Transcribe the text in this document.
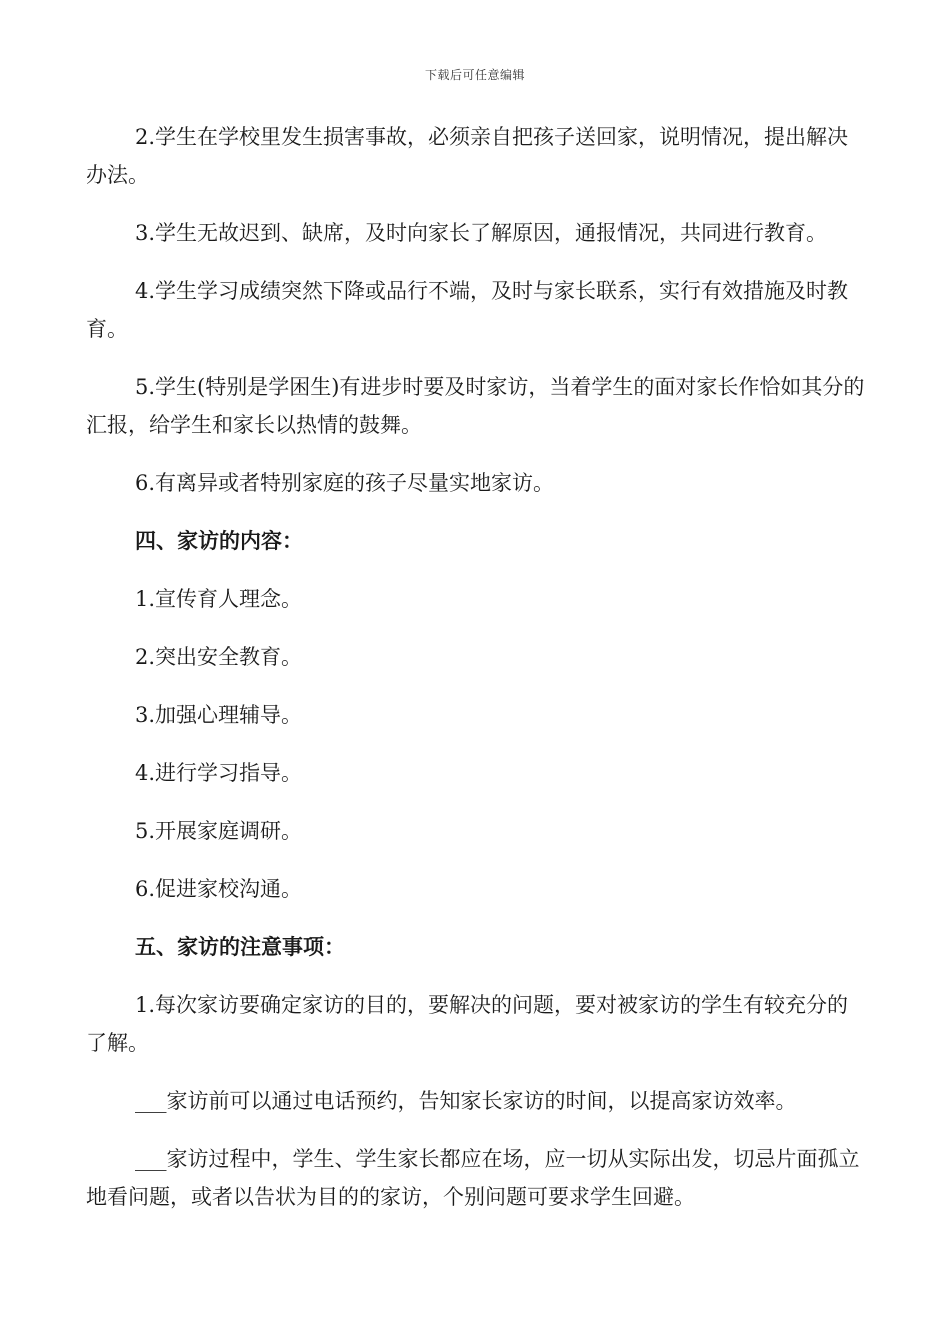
下载后可任意编辑

2.学生在学校里发生损害事故，必须亲自把孩子送回家，说明情况，提出解决办法。

3.学生无故迟到、缺席，及时向家长了解原因，通报情况，共同进行教育。

4.学生学习成绩突然下降或品行不端，及时与家长联系，实行有效措施及时教育。

5.学生(特别是学困生)有进步时要及时家访，当着学生的面对家长作恰如其分的汇报，给学生和家长以热情的鼓舞。

6.有离异或者特别家庭的孩子尽量实地家访。

四、家访的内容：

1.宣传育人理念。

2.突出安全教育。

3.加强心理辅导。

4.进行学习指导。

5.开展家庭调研。

6.促进家校沟通。

五、家访的注意事项：

1.每次家访要确定家访的目的，要解决的问题，要对被家访的学生有较充分的了解。

___家访前可以通过电话预约，告知家长家访的时间，以提高家访效率。

___家访过程中，学生、学生家长都应在场，应一切从实际出发，切忌片面孤立地看问题，或者以告状为目的的家访，个别问题可要求学生回避。
